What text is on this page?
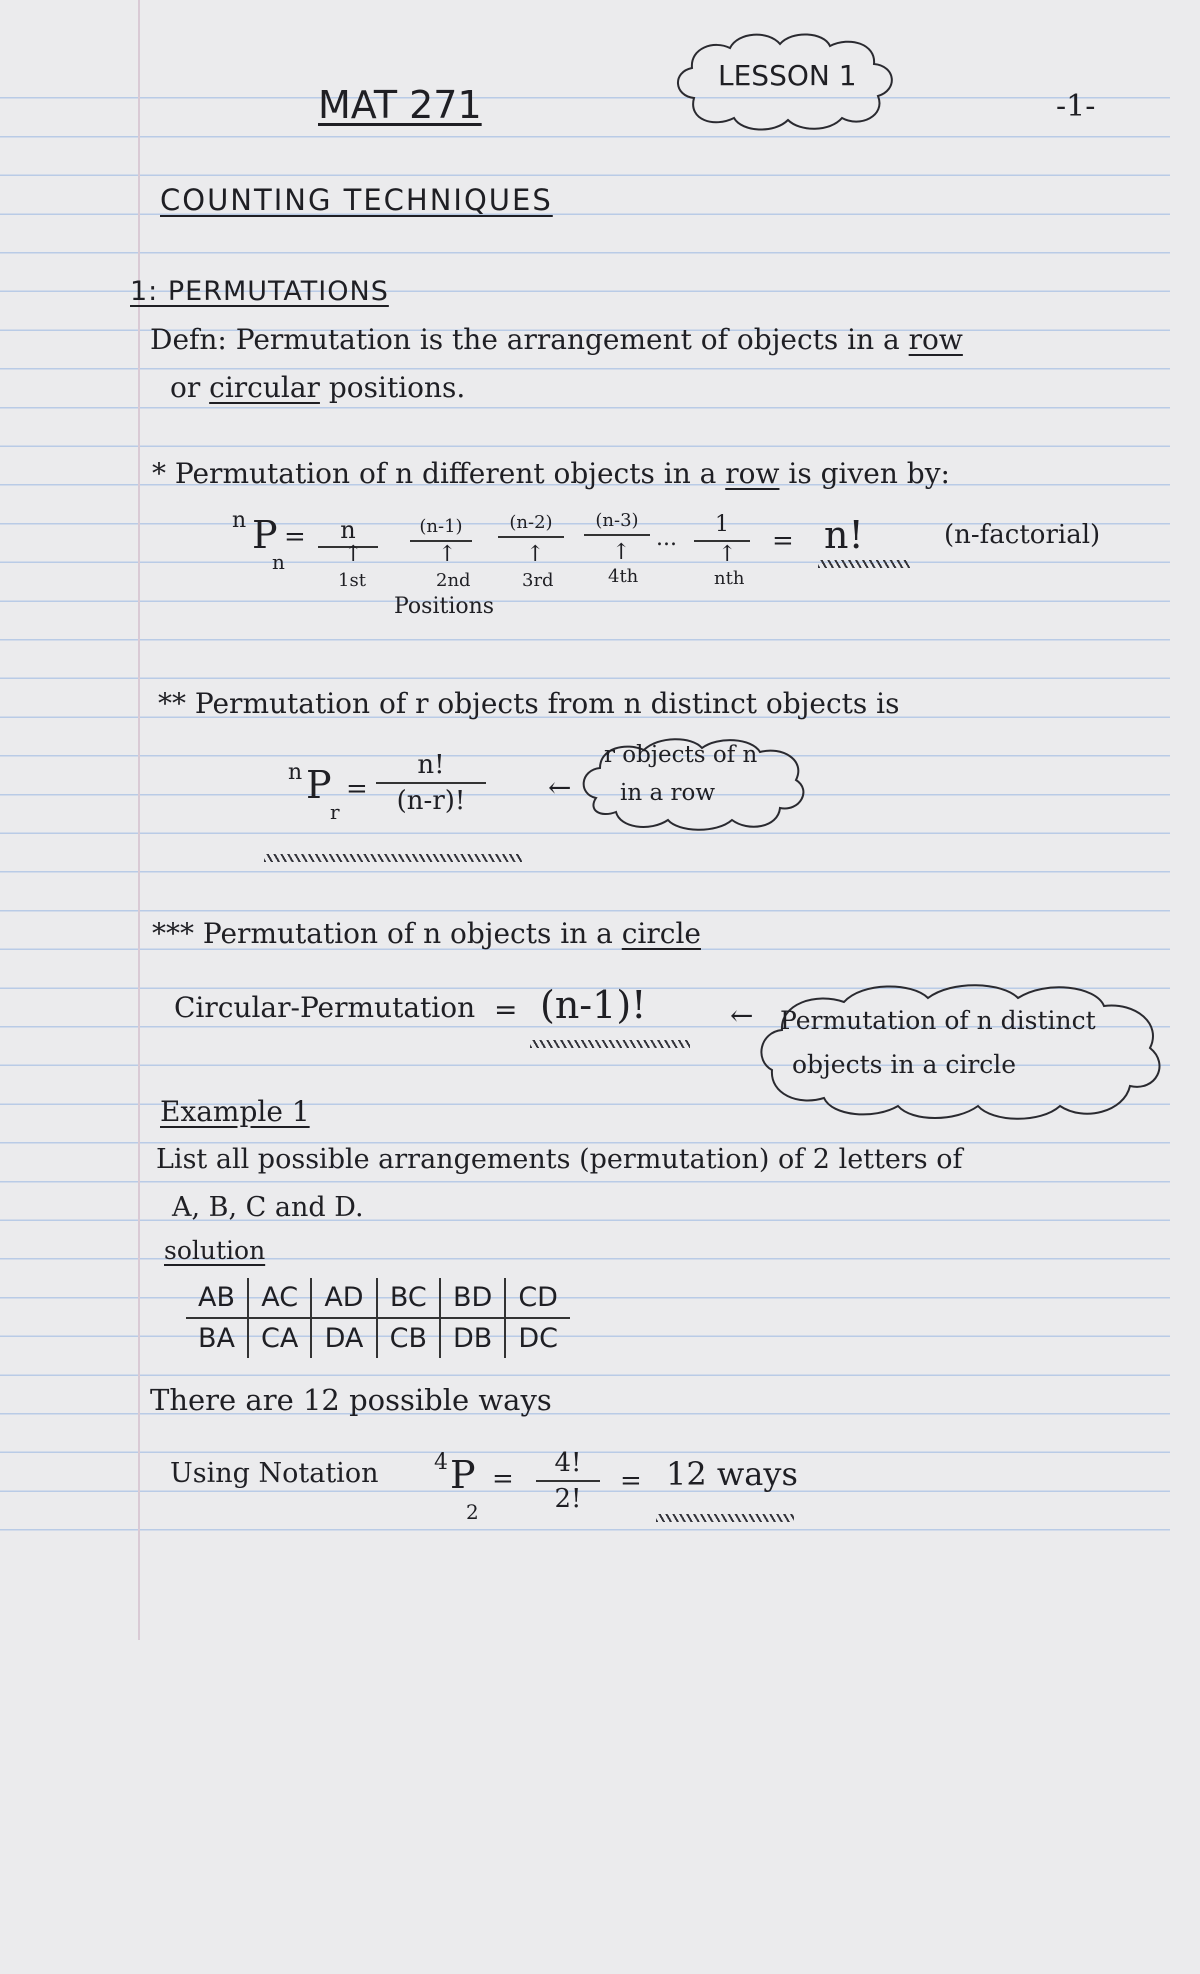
MAT 271
LESSON 1
-1-
COUNTING TECHNIQUES
1: PERMUTATIONS
Defn: Permutation is the arrangement of objects in a row
or circular positions.
* Permutation of n different objects in a row is given by:
n P
n
=	n	(n-1)	(n-2)	(n-3)
...
1
= n!	(n-factorial)
↑	↑	↑	↑	↑
1st	2nd	3rd	4th	nth
Positions
** Permutation of r objects from n distinct objects is
n P
r
= $\frac{n!}{(n-r)!}$ ←
r objects of n
in a row
*** Permutation of n objects in a circle
Circular-Permutation = (n-1)!	← Permutation of n distinct
objects in a circle
Example 1
List all possible arrangements (permutation) of 2 letters of
A, B, C and D.
solution
AB	AC	AD	BC	BD	CD
BA	CA	DA	CB	DB	DC
There are 12 possible ways
Using Notation	4 P
2
= $\frac{4!}{2!} = 12$ ways
